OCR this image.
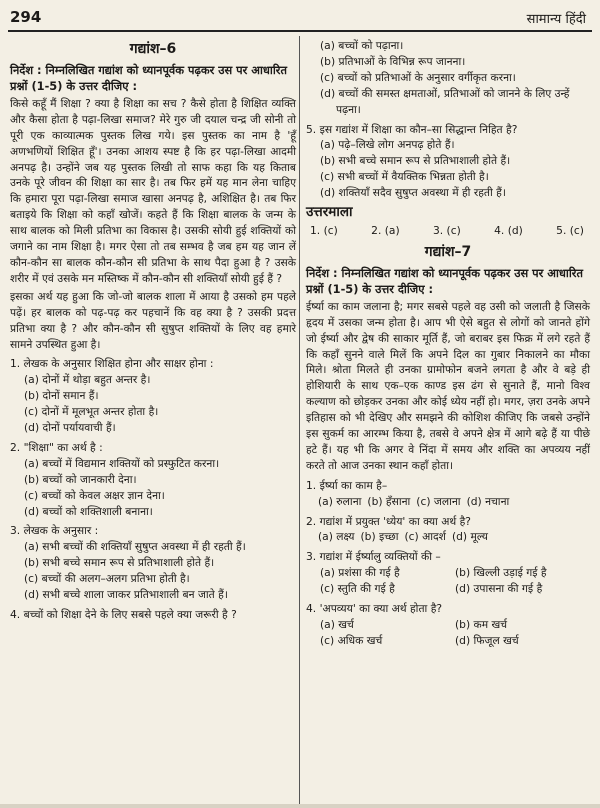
294	सामान्य हिंदी
गद्यांश–6
निर्देश : निम्नलिखित गद्यांश को ध्यानपूर्वक पढ़कर उस पर आधारित प्रश्नों (1-5) के उत्तर दीजिए :
किसे कहूँ मैं शिक्षा ? क्या है शिक्षा का सच ? कैसे होता है शिक्षित व्यक्ति और कैसा होता है पढ़ा-लिखा समाज? मेरे गुरु जी दयाल चन्द्र जी सोनी तो पूरी एक काव्यात्मक पुस्तक लिख गये। इस पुस्तक का नाम है 'हूँ अणभणियों शिक्षित हूँ'। उनका आशय स्पष्ट है कि हर पढ़ा-लिखा आदमी अनपढ़ है। उन्होंने जब यह पुस्तक लिखी तो साफ कहा कि यह किताब उनके पूरे जीवन की शिक्षा का सार है। तब फिर हमें यह मान लेना चाहिए कि हमारा पूरा पढ़ा-लिखा समाज खासा अनपढ़ है, अशिक्षित है। तब फिर बताइये कि शिक्षा को कहाँ खोजें। कहते हैं कि शिक्षा बालक के जन्म के साथ बालक को मिली प्रतिभा का विकास है। उसकी सोयी हुई शक्तियों को जगाने का नाम शिक्षा है। मगर ऐसा तो तब सम्भव है जब हम यह जान लें कौन-कौन सा बालक कौन-कौन सी प्रतिभा के साथ पैदा हुआ है ? उसके शरीर में एवं उसके मन मस्तिष्क में कौन-कौन सी शक्तियाँ सोयी हुई हैं ?
इसका अर्थ यह हुआ कि जो-जो बालक शाला में आया है उसको हम पहले पढ़ें। हर बालक को पढ़-पढ़ कर पहचानें कि वह क्या है ? उसकी प्रदत्त प्रतिभा क्या है ? और कौन-कौन सी सुषुप्त शक्तियों के लिए वह हमारे सामने उपस्थित हुआ है।
1. लेखक के अनुसार शिक्षित होना और साक्षर होना :
(a) दोनों में थोड़ा बहुत अन्तर है।
(b) दोनों समान हैं।
(c) दोनों में मूलभूत अन्तर होता है।
(d) दोनों पर्यायवाची हैं।
2. "शिक्षा" का अर्थ है :
(a) बच्चों में विद्यमान शक्तियों को प्रस्फुटित करना।
(b) बच्चों को जानकारी देना।
(c) बच्चों को केवल अक्षर ज्ञान देना।
(d) बच्चों को शक्तिशाली बनाना।
3. लेखक के अनुसार :
(a) सभी बच्चों की शक्तियाँ सुषुप्त अवस्था में ही रहती हैं।
(b) सभी बच्चे समान रूप से प्रतिभाशाली होते हैं।
(c) बच्चों की अलग–अलग प्रतिभा होती है।
(d) सभी बच्चे शाला जाकर प्रतिभाशाली बन जाते हैं।
4. बच्चों को शिक्षा देने के लिए सबसे पहले क्या जरूरी है ?
(a) बच्चों को पढ़ाना।
(b) प्रतिभाओं के विभिन्न रूप जानना।
(c) बच्चों को प्रतिभाओं के अनुसार वर्गीकृत करना।
(d) बच्चों की समस्त क्षमताओं, प्रतिभाओं को जानने के लिए उन्हें पढ़ना।
5. इस गद्यांश में शिक्षा का कौन–सा सिद्धान्त निहित है?
(a) पढ़े–लिखे लोग अनपढ़ होते हैं।
(b) सभी बच्चे समान रूप से प्रतिभाशाली होते हैं।
(c) सभी बच्चों में वैयक्तिक भिन्नता होती है।
(d) शक्तियाँ सदैव सुषुप्त अवस्था में ही रहती हैं।
उत्तरमाला
1. (c)	2. (a)	3. (c)	4. (d)	5. (c)
गद्यांश–7
निर्देश : निम्नलिखित गद्यांश को ध्यानपूर्वक पढ़कर उस पर आधारित प्रश्नों (1-5) के उत्तर दीजिए :
ईर्ष्या का काम जलाना है; मगर सबसे पहले वह उसी को जलाती है जिसके हृदय में उसका जन्म होता है। आप भी ऐसे बहुत से लोगों को जानते होंगे जो ईर्ष्या और द्वेष की साकार मूर्ति हैं, जो बराबर इस फिक्र में लगे रहते हैं कि कहाँ सुनने वाले मिलें कि अपने दिल का गुबार निकालने का मौका मिले। श्रोता मिलते ही उनका ग्रामोफोन बजने लगता है और वे बड़े ही होशियारी के साथ एक–एक काण्ड इस ढंग से सुनाते हैं, मानो विश्व कल्याण को छोड़कर उनका और कोई ध्येय नहीं हो। मगर, ज़रा उनके अपने इतिहास को भी देखिए और समझने की कोशिश कीजिए कि जबसे उन्होंने इस सुकर्म का आरम्भ किया है, तबसे वे अपने क्षेत्र में आगे बढ़े हैं या पीछे हटे हैं। यह भी कि अगर वे निंदा में समय और शक्ति का अपव्यय नहीं करते तो आज उनका स्थान कहाँ होता।
1. ईर्ष्या का काम है–
(a) रुलाना (b) हँसाना (c) जलाना (d) नचाना
2. गद्यांश में प्रयुक्त 'ध्येय' का क्या अर्थ है?
(a) लक्ष्य (b) इच्छा (c) आदर्श (d) मूल्य
3. गद्यांश में ईर्ष्यालु व्यक्तियों की –
(a) प्रशंसा की गई है	(b) खिल्ली उड़ाई गई है
(c) स्तुति की गई है	(d) उपासना की गई है
4. 'अपव्यय' का क्या अर्थ होता है?
(a) खर्च	(b) कम खर्च
(c) अधिक खर्च	(d) फिजूल खर्च
